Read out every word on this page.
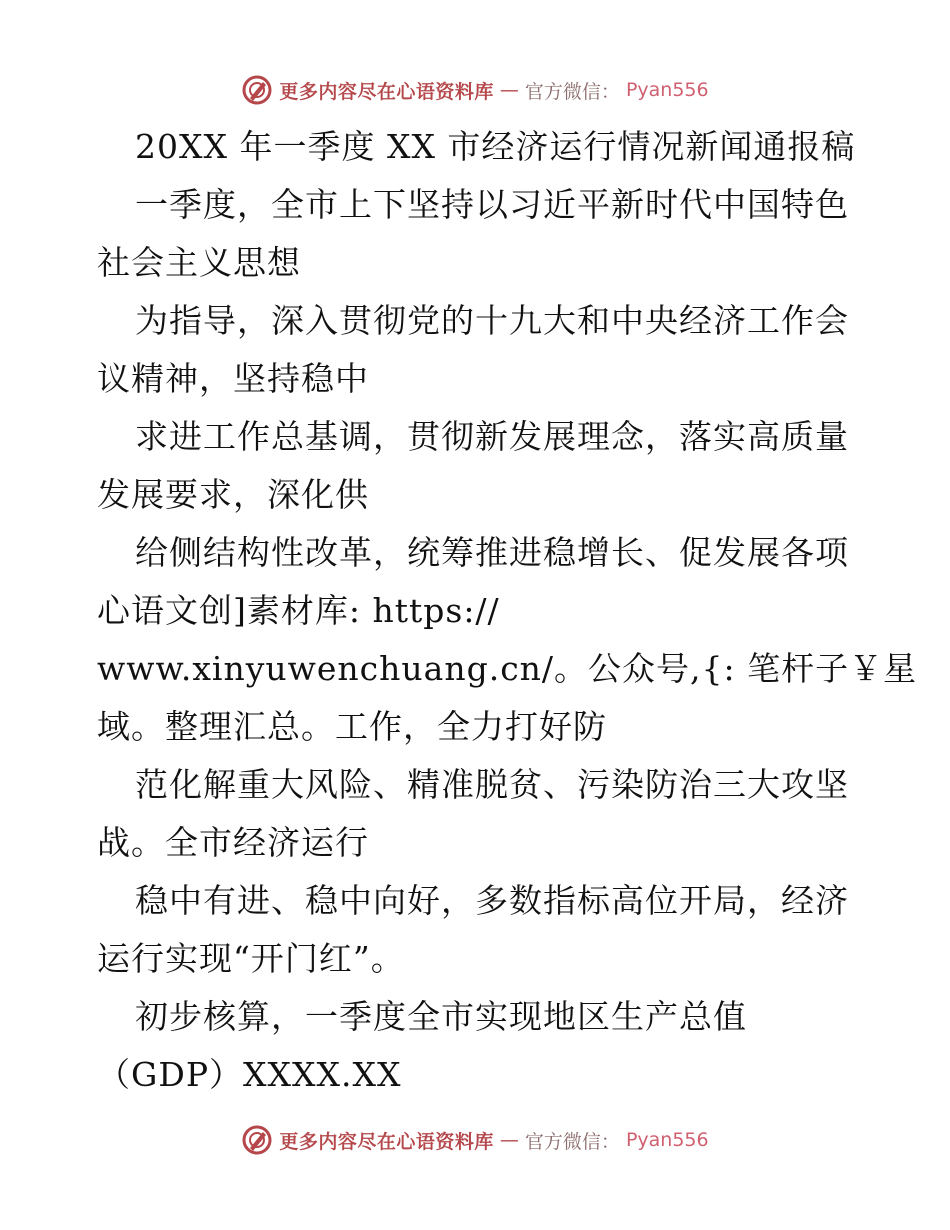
更多内容尽在心语资料库 — 官方微信： Pyan556
20XX 年一季度 XX 市经济运行情况新闻通报稿
一季度，全市上下坚持以习近平新时代中国特色
社会主义思想
为指导，深入贯彻党的十九大和中央经济工作会
议精神，坚持稳中
求进工作总基调，贯彻新发展理念，落实高质量
发展要求，深化供
给侧结构性改革，统筹推进稳增长、促发展各项
心语文创]素材库: https://
www.xinyuwenchuang.cn/。公众号,{: 笔杆子￥星
域。整理汇总。工作，全力打好防
范化解重大风险、精准脱贫、污染防治三大攻坚
战。全市经济运行
稳中有进、稳中向好，多数指标高位开局，经济
运行实现“开门红”。
初步核算，一季度全市实现地区生产总值
（GDP）XXXX.XX
更多内容尽在心语资料库 — 官方微信： Pyan556
